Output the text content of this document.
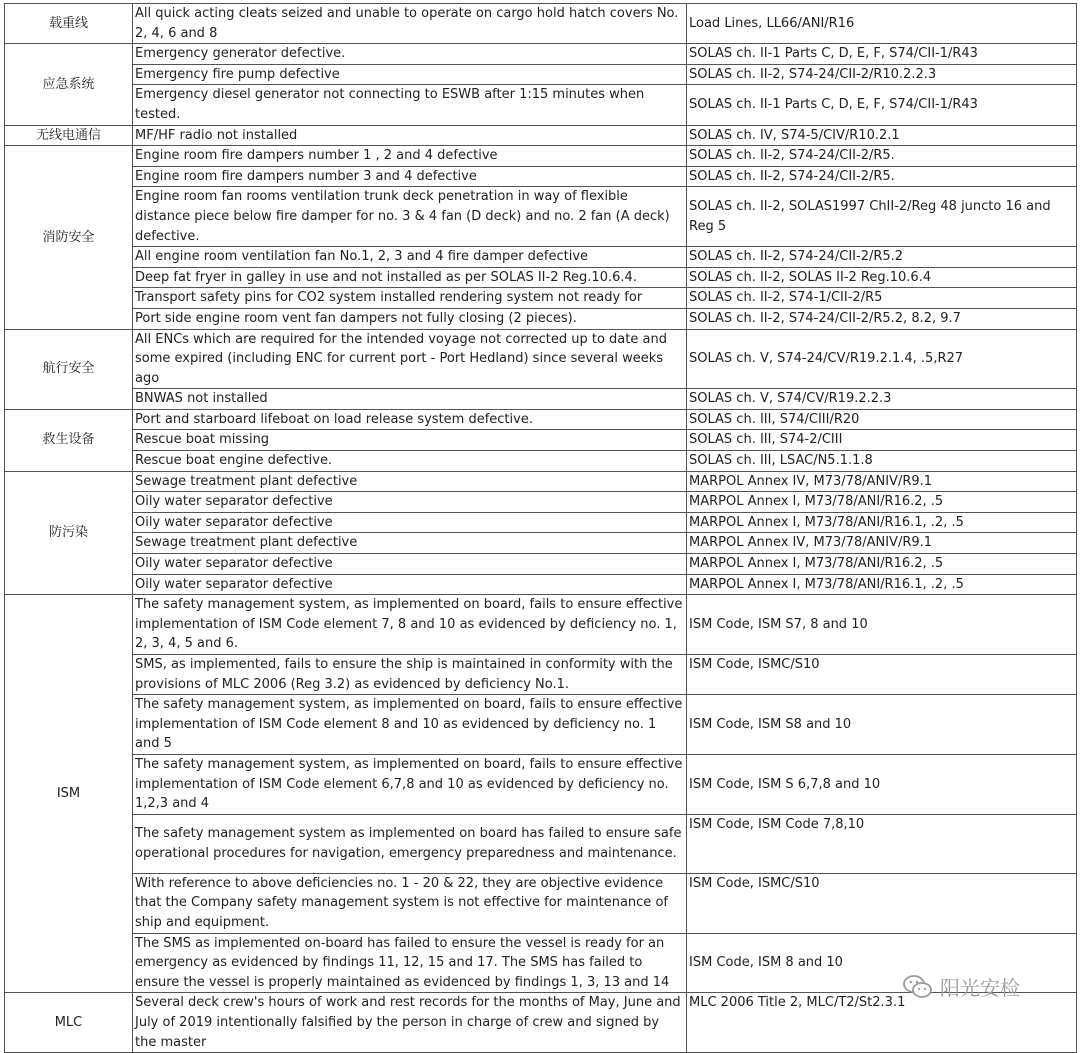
载重线	All quick acting cleats seized and unable to operate on cargo hold hatch covers No. 2, 4, 6 and 8	Load Lines, LL66/ANI/R16
应急系统	Emergency generator defective.	SOLAS ch. II-1 Parts C, D, E, F, S74/CII-1/R43
	Emergency fire pump defective	SOLAS ch. II-2, S74-24/CII-2/R10.2.2.3
	Emergency diesel generator not connecting to ESWB after 1:15 minutes when tested.	SOLAS ch. II-1 Parts C, D, E, F, S74/CII-1/R43
无线电通信	MF/HF radio not installed	SOLAS ch. IV, S74-5/CIV/R10.2.1
消防安全	Engine room fire dampers number 1 , 2 and 4 defective	SOLAS ch. II-2, S74-24/CII-2/R5.
	Engine room fire dampers number 3 and 4 defective	SOLAS ch. II-2, S74-24/CII-2/R5.
	Engine room fan rooms ventilation trunk deck penetration in way of flexible distance piece below fire damper for no. 3 & 4 fan (D deck) and no. 2 fan (A deck) defective.	SOLAS ch. II-2, SOLAS1997 ChII-2/Reg 48 juncto 16 and Reg 5
	All engine room ventilation fan No.1, 2, 3 and 4 fire damper defective	SOLAS ch. II-2, S74-24/CII-2/R5.2
	Deep fat fryer in galley in use and not installed as per SOLAS II-2 Reg.10.6.4.	SOLAS ch. II-2, SOLAS II-2 Reg.10.6.4
	Transport safety pins for CO2 system installed rendering system not ready for	SOLAS ch. II-2, S74-1/CII-2/R5
	Port side engine room vent fan dampers not fully closing (2 pieces).	SOLAS ch. II-2, S74-24/CII-2/R5.2, 8.2, 9.7
航行安全	All ENCs which are required for the intended voyage not corrected up to date and some expired (including ENC for current port - Port Hedland) since several weeks ago	SOLAS ch. V, S74-24/CV/R19.2.1.4, .5,R27
	BNWAS not installed	SOLAS ch. V, S74/CV/R19.2.2.3
救生设备	Port and starboard lifeboat on load release system defective.	SOLAS ch. III, S74/CIII/R20
	Rescue boat missing	SOLAS ch. III, S74-2/CIII
	Rescue boat engine defective.	SOLAS ch. III, LSAC/N5.1.1.8
防污染	Sewage treatment plant defective	MARPOL Annex IV, M73/78/ANIV/R9.1
	Oily water separator defective	MARPOL Annex I, M73/78/ANI/R16.2, .5
	Oily water separator defective	MARPOL Annex I, M73/78/ANI/R16.1, .2, .5
	Sewage treatment plant defective	MARPOL Annex IV, M73/78/ANIV/R9.1
	Oily water separator defective	MARPOL Annex I, M73/78/ANI/R16.2, .5
	Oily water separator defective	MARPOL Annex I, M73/78/ANI/R16.1, .2, .5
ISM	The safety management system, as implemented on board, fails to ensure effective implementation of ISM Code element 7, 8 and 10 as evidenced by deficiency no. 1, 2, 3, 4, 5 and 6.	ISM Code, ISM S7, 8 and 10
	SMS, as implemented, fails to ensure the ship is maintained in conformity with the provisions of MLC 2006 (Reg 3.2) as evidenced by deficiency No.1.	ISM Code, ISMC/S10
	The safety management system, as implemented on board, fails to ensure effective implementation of ISM Code element 8 and 10 as evidenced by deficiency no. 1 and 5	ISM Code, ISM S8 and 10
	The safety management system, as implemented on board, fails to ensure effective implementation of ISM Code element 6,7,8 and 10 as evidenced by deficiency no. 1,2,3 and 4	ISM Code, ISM S 6,7,8 and 10
	The safety management system as implemented on board has failed to ensure safe operational procedures for navigation, emergency preparedness and maintenance.	ISM Code, ISM Code 7,8,10
	With reference to above deficiencies no. 1 - 20 & 22, they are objective evidence that the Company safety management system is not effective for maintenance of ship and equipment.	ISM Code, ISMC/S10
	The SMS as implemented on-board has failed to ensure the vessel is ready for an emergency as evidenced by findings 11, 12, 15 and 17. The SMS has failed to ensure the vessel is properly maintained as evidenced by findings 1, 3, 13 and 14	ISM Code, ISM 8 and 10
MLC	Several deck crew's hours of work and rest records for the months of May, June and July of 2019 intentionally falsified by the person in charge of crew and signed by the master	MLC 2006 Title 2, MLC/T2/St2.3.1
阳光安检
